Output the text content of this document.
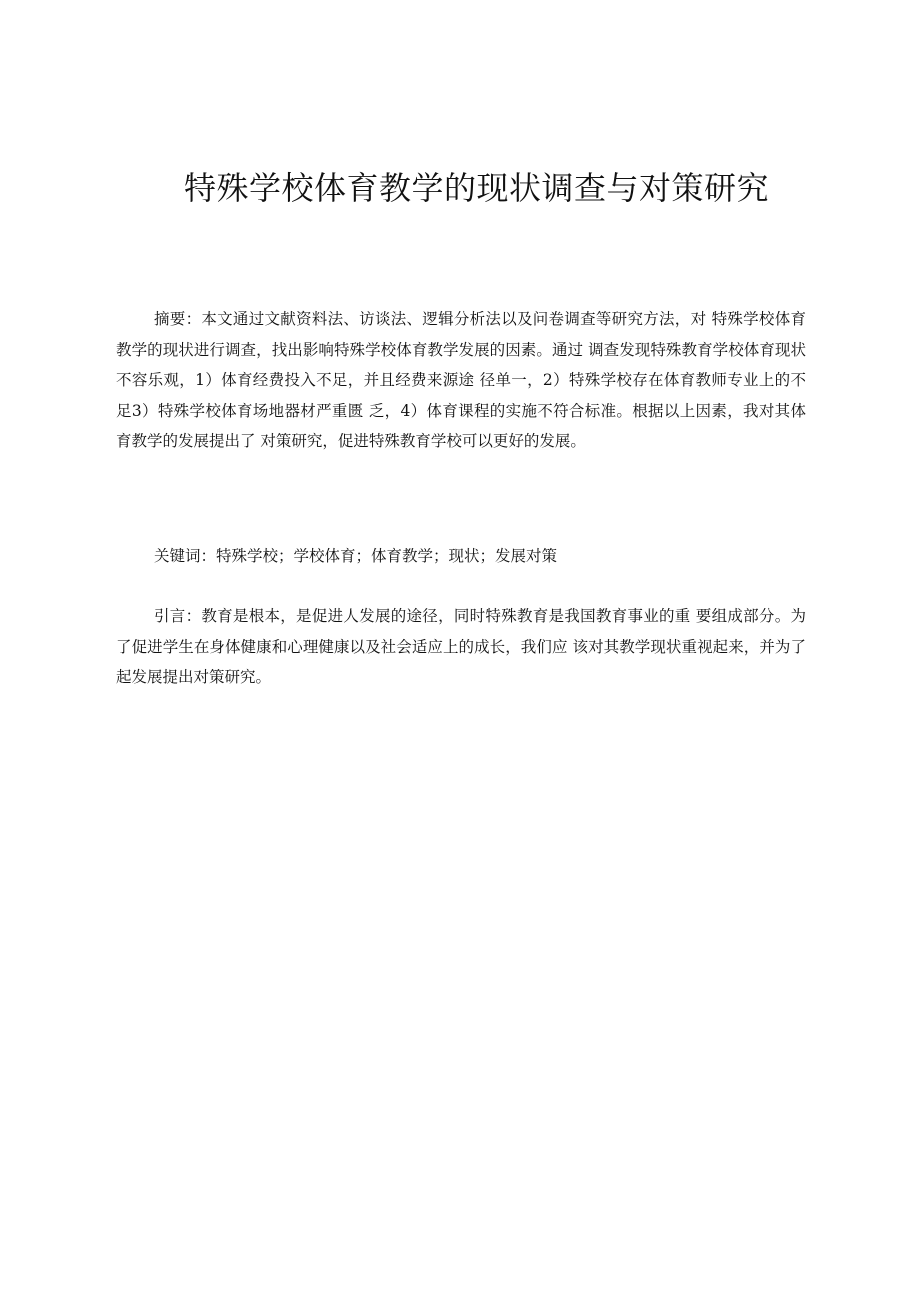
特殊学校体育教学的现状调查与对策研究

摘要：本文通过文献资料法、访谈法、逻辑分析法以及问卷调查等研究方法，对 特殊学校体育教学的现状进行调查，找出影响特殊学校体育教学发展的因素。通过 调查发现特殊教育学校体育现状不容乐观，1）体育经费投入不足，并且经费来源途 径单一，2）特殊学校存在体育教师专业上的不足3）特殊学校体育场地器材严重匮 乏，4）体育课程的实施不符合标准。根据以上因素，我对其体育教学的发展提出了 对策研究，促进特殊教育学校可以更好的发展。

关键词：特殊学校；学校体育；体育教学；现状；发展对策

引言：教育是根本，是促进人发展的途径，同时特殊教育是我国教育事业的重 要组成部分。为了促进学生在身体健康和心理健康以及社会适应上的成长，我们应 该对其教学现状重视起来，并为了起发展提出对策研究。
